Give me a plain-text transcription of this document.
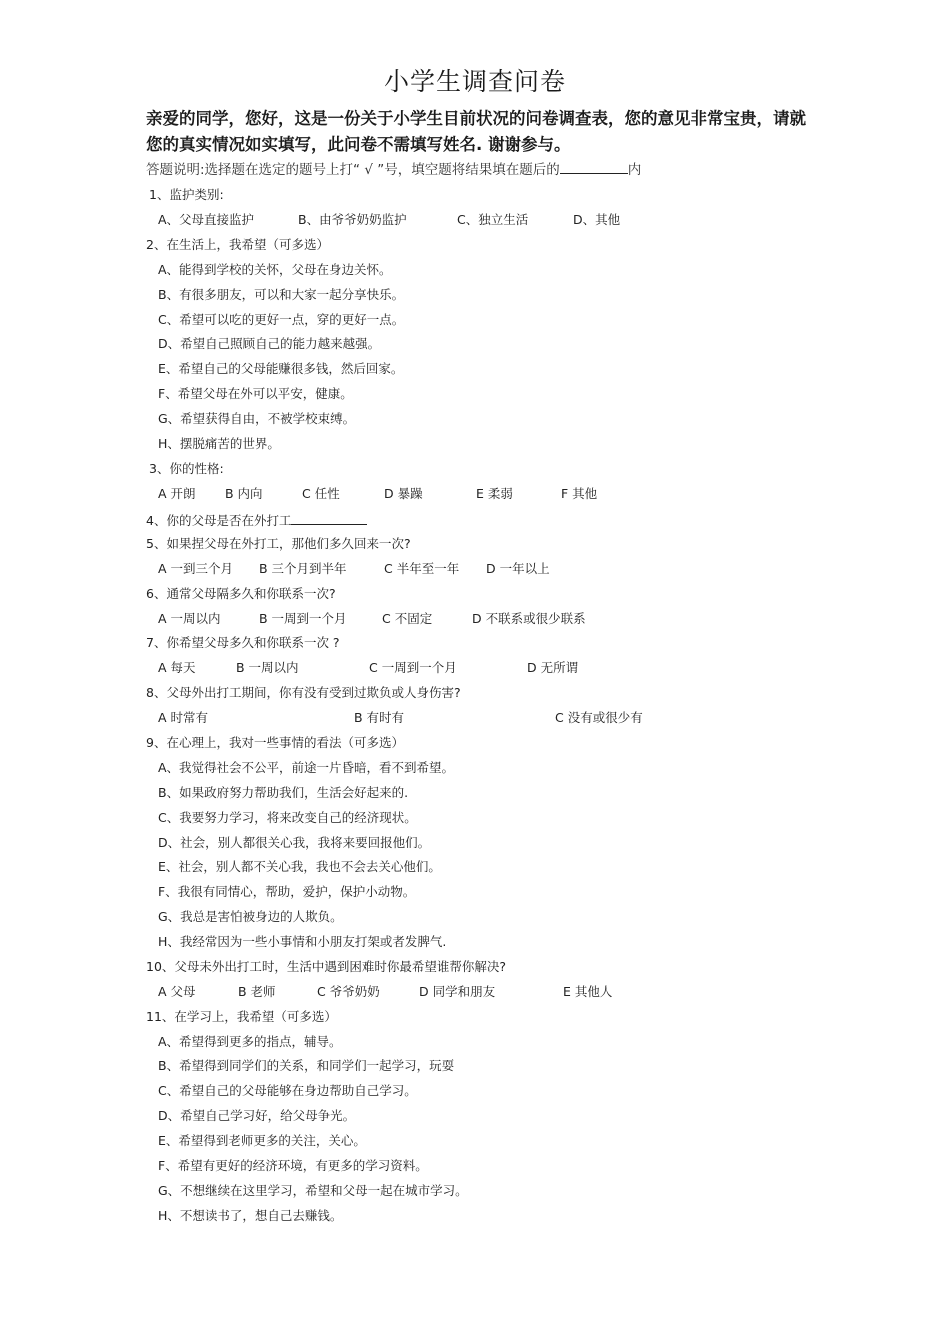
小学生调查问卷
亲爱的同学，您好，这是一份关于小学生目前状况的问卷调查表，您的意见非常宝贵，请就您的真实情况如实填写，此问卷不需填写姓名. 谢谢参与。
答题说明:选择题在选定的题号上打“ √ ”号，填空题将结果填在题后的	内
1、监护类别:
A、父母直接监护	B、由爷爷奶奶监护	C、独立生活	D、其他
2、在生活上，我希望（可多选）
A、能得到学校的关怀，父母在身边关怀。
B、有很多朋友，可以和大家一起分享快乐。
C、希望可以吃的更好一点，穿的更好一点。
D、希望自己照顾自己的能力越来越强。
E、希望自己的父母能赚很多钱，然后回家。
F、希望父母在外可以平安，健康。
G、希望获得自由，不被学校束缚。
H、摆脱痛苦的世界。
3、你的性格:
A 开朗 B 内向	C 任性	D 暴躁	E 柔弱	F 其他
4、你的父母是否在外打工
5、如果捏父母在外打工，那他们多久回来一次?
A 一到三个月 B 三个月到半年	C 半年至一年 D 一年以上
6、通常父母隔多久和你联系一次?
A 一周以内	B 一周到一个月	C 不固定	D 不联系或很少联系
7、你希望父母多久和你联系一次 ?
A 每天	B 一周以内	C 一周到一个月	D 无所谓
8、父母外出打工期间，你有没有受到过欺负或人身伤害?
A 时常有	B 有时有	C 没有或很少有
9、在心理上，我对一些事情的看法（可多选）
A、我觉得社会不公平，前途一片昏暗，看不到希望。
B、如果政府努力帮助我们，生活会好起来的.
C、我要努力学习，将来改变自己的经济现状。
D、社会，别人都很关心我，我将来要回报他们。
E、社会，别人都不关心我，我也不会去关心他们。
F、我很有同情心，帮助，爱护，保护小动物。
G、我总是害怕被身边的人欺负。
H、我经常因为一些小事情和小朋友打架或者发脾气.
10、父母未外出打工时，生活中遇到困难时你最希望谁帮你解决?
A 父母	B 老师	C 爷爷奶奶	D 同学和朋友	E 其他人
11、在学习上，我希望（可多选）
A、希望得到更多的指点，辅导。
B、希望得到同学们的关系，和同学们一起学习，玩耍
C、希望自己的父母能够在身边帮助自己学习。
D、希望自己学习好，给父母争光。
E、希望得到老师更多的关注，关心。
F、希望有更好的经济环境，有更多的学习资料。
G、不想继续在这里学习，希望和父母一起在城市学习。
H、不想读书了，想自己去赚钱。
